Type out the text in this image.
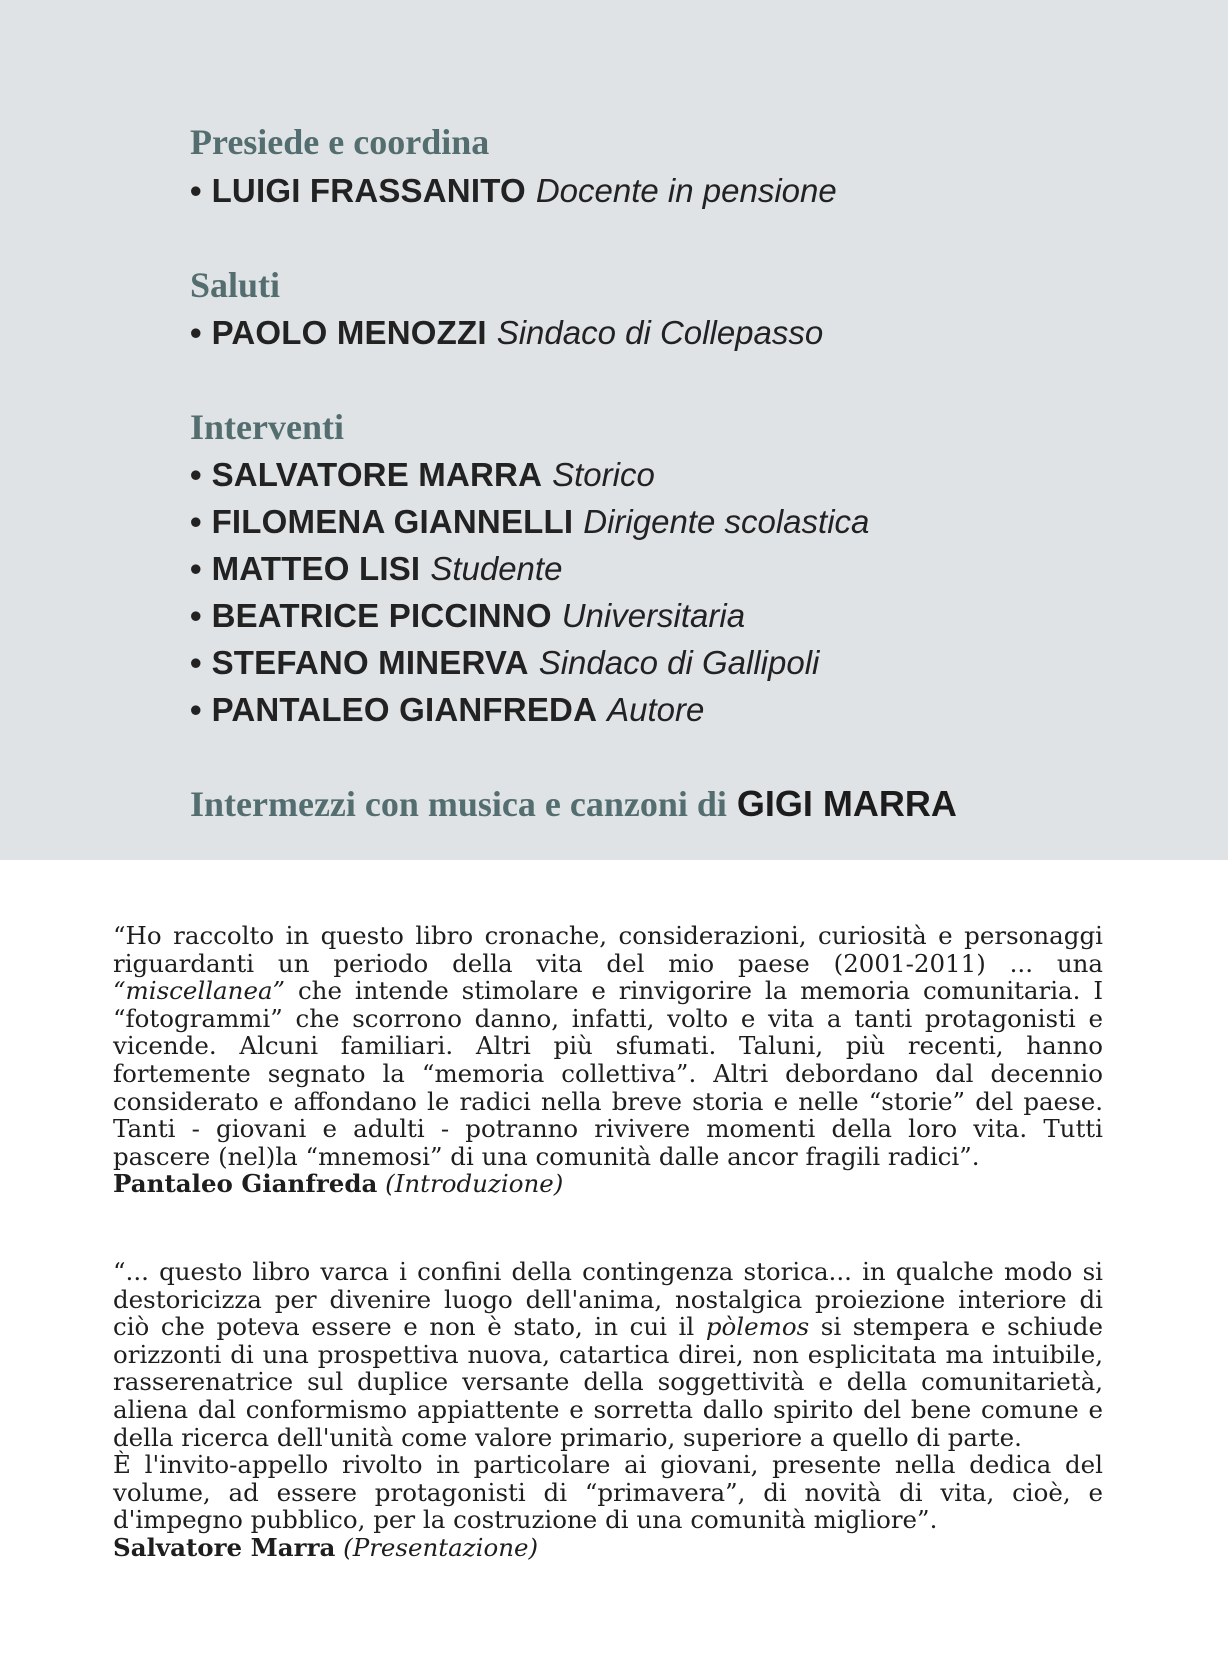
Presiede e coordina
• LUIGI FRASSANITO Docente in pensione
Saluti
• PAOLO MENOZZI Sindaco di Collepasso
Interventi
• SALVATORE MARRA Storico
• FILOMENA GIANNELLI Dirigente scolastica
• MATTEO LISI Studente
• BEATRICE PICCINNO Universitaria
• STEFANO MINERVA Sindaco di Gallipoli
• PANTALEO GIANFREDA Autore
Intermezzi con musica e canzoni di GIGI MARRA

“Ho raccolto in questo libro cronache, considerazioni, curiosità e personaggi riguardanti un periodo della vita del mio paese (2001-2011) ... una “miscellanea” che intende stimolare e rinvigorire la memoria comunitaria. I “fotogrammi” che scorrono danno, infatti, volto e vita a tanti protagonisti e vicende. Alcuni familiari. Altri più sfumati. Taluni, più recenti, hanno fortemente segnato la “memoria collettiva”. Altri debordano dal decennio considerato e affondano le radici nella breve storia e nelle “storie” del paese. Tanti - giovani e adulti - potranno rivivere momenti della loro vita. Tutti pascere (nel)la “mnemosi” di una comunità dalle ancor fragili radici”.

Pantaleo Gianfreda (Introduzione)

“... questo libro varca i confini della contingenza storica... in qualche modo si destoricizza per divenire luogo dell'anima, nostalgica proiezione interiore di ciò che poteva essere e non è stato, in cui il pòlemos si stempera e schiude orizzonti di una prospettiva nuova, catartica direi, non esplicitata ma intuibile, rasserenatrice sul duplice versante della soggettività e della comunitarietà, aliena dal conformismo appiattente e sorretta dallo spirito del bene comune e della ricerca dell'unità come valore primario, superiore a quello di parte.

È l'invito-appello rivolto in particolare ai giovani, presente nella dedica del volume, ad essere protagonisti di “primavera”, di novità di vita, cioè, e d'impegno pubblico, per la costruzione di una comunità migliore”.

Salvatore Marra (Presentazione)
